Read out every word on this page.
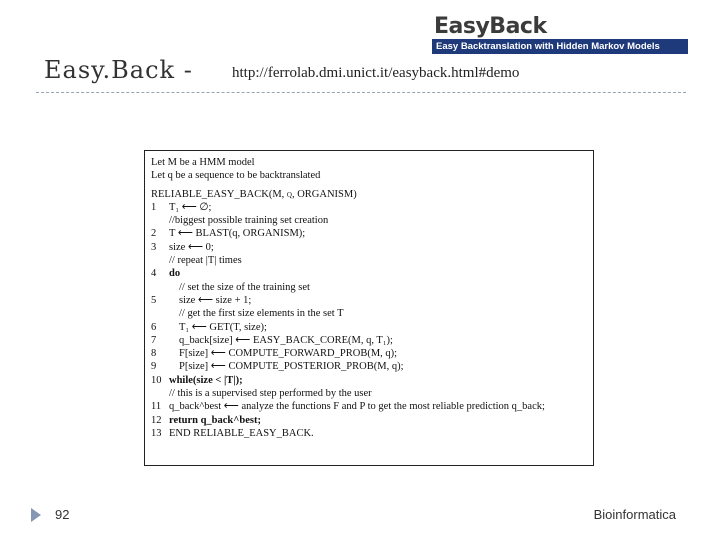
Easy.Back -	http://ferrolab.dmi.unict.it/easyback.html#demo
EasyBack
Easy Backtranslation with Hidden Markov Models
Let M be a HMM model
Let q be a sequence to be backtranslated
RELIABLE_EASY_BACK(M, q, ORGANISM)
1	T₁ ⟵ ∅;
//biggest possible training set creation
2	T ⟵ BLAST(q, ORGANISM);
3	size ⟵ 0;
// repeat |T| times
4	do
// set the size of the training set
5	size ⟵ size + 1;
// get the first size elements in the set T
6	T₁ ⟵ GET(T, size);
7	q_back[size] ⟵ EASY_BACK_CORE(M, q, T₁);
8	F[size] ⟵ COMPUTE_FORWARD_PROB(M, q);
9	P[size] ⟵ COMPUTE_POSTERIOR_PROB(M, q);
10 while(size < |T|);
// this is a supervised step performed by the user
11 q_back^best ⟵ analyze the functions F and P to get the most reliable prediction q_back;
12 return q_back^best;
13 END RELIABLE_EASY_BACK.
92	Bioinformatica
